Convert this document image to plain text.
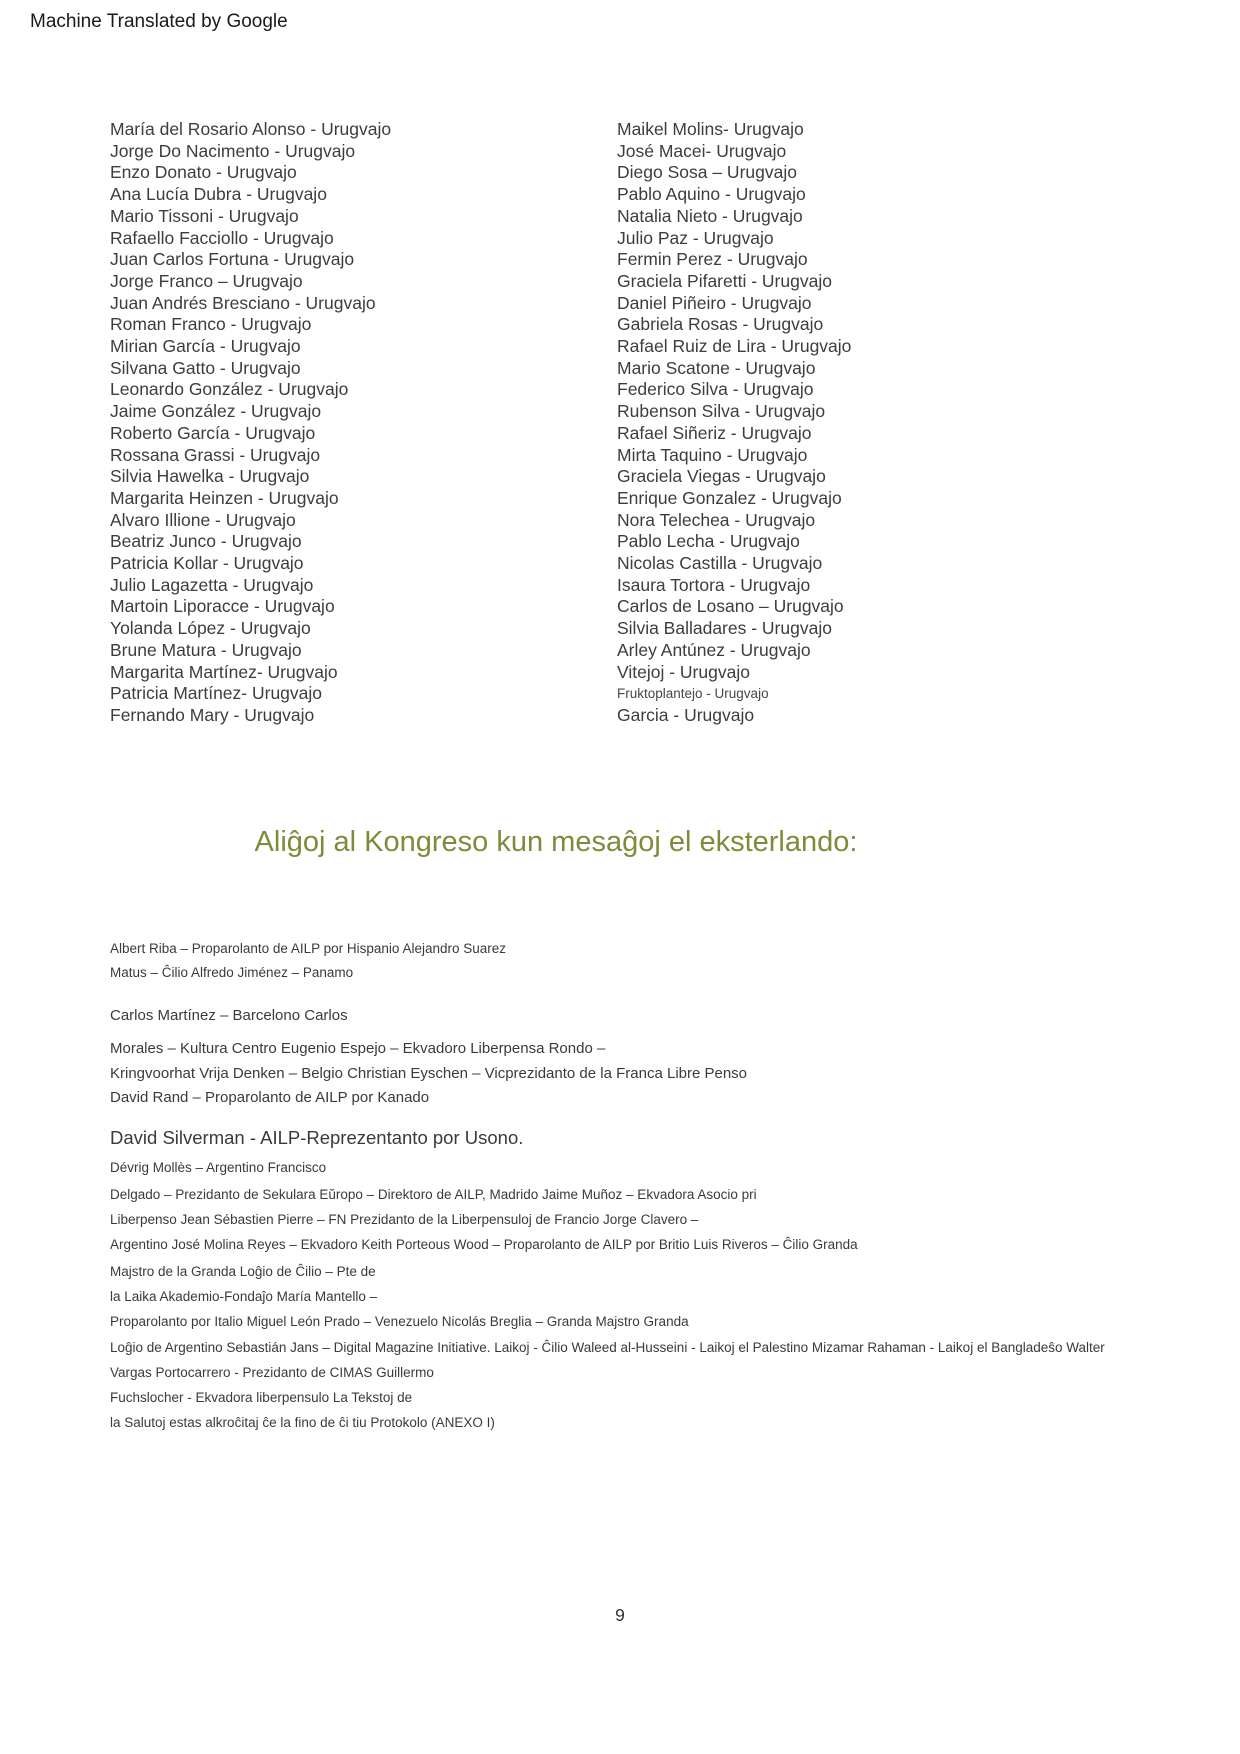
Machine Translated by Google
María del Rosario Alonso - Urugvajo
Jorge Do Nacimento - Urugvajo
Enzo Donato - Urugvajo
Ana Lucía Dubra - Urugvajo
Mario Tissoni - Urugvajo
Rafaello Facciollo - Urugvajo
Juan Carlos Fortuna - Urugvajo
Jorge Franco – Urugvajo
Juan Andrés Bresciano - Urugvajo
Roman Franco - Urugvajo
Mirian García - Urugvajo
Silvana Gatto - Urugvajo
Leonardo González - Urugvajo
Jaime González - Urugvajo
Roberto García - Urugvajo
Rossana Grassi - Urugvajo
Silvia Hawelka - Urugvajo
Margarita Heinzen - Urugvajo
Alvaro Illione - Urugvajo
Beatriz Junco - Urugvajo
Patricia Kollar - Urugvajo
Julio Lagazetta - Urugvajo
Martoin Liporacce - Urugvajo
Yolanda López - Urugvajo
Brune Matura - Urugvajo
Margarita Martínez- Urugvajo
Patricia Martínez- Urugvajo
Fernando Mary - Urugvajo
Maikel Molins- Urugvajo
José Macei- Urugvajo
Diego Sosa – Urugvajo
Pablo Aquino - Urugvajo
Natalia Nieto - Urugvajo
Julio Paz - Urugvajo
Fermin Perez - Urugvajo
Graciela Pifaretti - Urugvajo
Daniel Piñeiro - Urugvajo
Gabriela Rosas - Urugvajo
Rafael Ruiz de Lira - Urugvajo
Mario Scatone - Urugvajo
Federico Silva - Urugvajo
Rubenson Silva - Urugvajo
Rafael Siñeriz - Urugvajo
Mirta Taquino - Urugvajo
Graciela Viegas - Urugvajo
Enrique Gonzalez - Urugvajo
Nora Telechea - Urugvajo
Pablo Lecha - Urugvajo
Nicolas Castilla - Urugvajo
Isaura Tortora - Urugvajo
Carlos de Losano – Urugvajo
Silvia Balladares - Urugvajo
Arley Antúnez - Urugvajo
Vitejoj - Urugvajo
Fruktoplantejo - Urugvajo
Garcia - Urugvajo
Aliĝoj al Kongreso kun mesaĝoj el eksterlando:
Albert Riba – Proparolanto de AILP por Hispanio Alejandro Suarez
Matus – Ĉilio Alfredo Jiménez – Panamo
Carlos Martínez – Barcelono Carlos
Morales – Kultura Centro Eugenio Espejo – Ekvadoro Liberpensa Rondo –
Kringvoorhat Vrija Denken – Belgio Christian Eyschen – Vicprezidanto de la Franca Libre Penso
David Rand – Proparolanto de AILP por Kanado
David Silverman - AILP-Reprezentanto por Usono.
Dévrig Mollès – Argentino Francisco
Delgado – Prezidanto de Sekulara Eŭropo – Direktoro de AILP, Madrido Jaime Muñoz – Ekvadora Asocio pri
Liberpenso Jean Sébastien Pierre – FN Prezidanto de la Liberpensuloj de Francio Jorge Clavero –
Argentino José Molina Reyes – Ekvadoro Keith Porteous Wood – Proparolanto de AILP por Britio Luis Riveros – Ĉilio Granda
Majstro de la Granda Loĝio de Ĉilio – Pte de
la Laika Akademio-Fondaĵo María Mantello –
Proparolanto por Italio Miguel León Prado – Venezuelo Nicolás Breglia – Granda Majstro Granda
Loĝio de Argentino Sebastián Jans – Digital Magazine Initiative. Laikoj - Ĉilio Waleed al-Husseini - Laikoj el Palestino Mizamar Rahaman - Laikoj el Bangladeŝo Walter
Vargas Portocarrero - Prezidanto de CIMAS Guillermo
Fuchslocher - Ekvadora liberpensulo La Tekstoj de
la Salutoj estas alkroĉitaj ĉe la fino de ĉi tiu Protokolo (ANEXO I)
9
